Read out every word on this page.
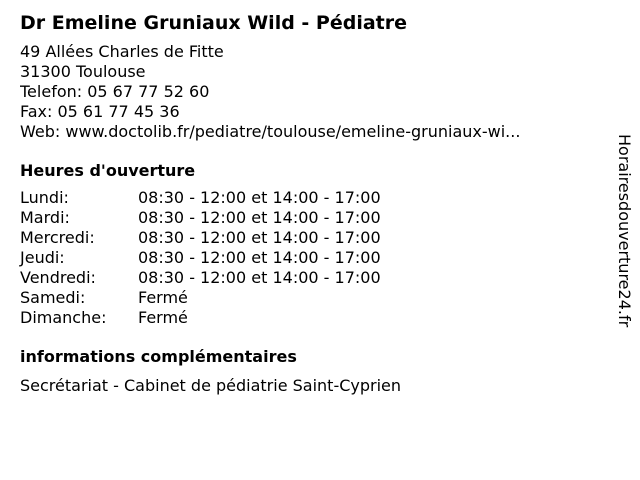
Dr Emeline Gruniaux Wild - Pédiatre
49 Allées Charles de Fitte
31300 Toulouse
Telefon: 05 67 77 52 60
Fax: 05 61 77 45 36
Web: www.doctolib.fr/pediatre/toulouse/emeline-gruniaux-wi...
Heures d'ouverture
Lundi:	08:30 - 12:00 et 14:00 - 17:00
Mardi:	08:30 - 12:00 et 14:00 - 17:00
Mercredi:	08:30 - 12:00 et 14:00 - 17:00
Jeudi:	08:30 - 12:00 et 14:00 - 17:00
Vendredi:	08:30 - 12:00 et 14:00 - 17:00
Samedi:	Fermé
Dimanche:	Fermé
informations complémentaires
Secrétariat - Cabinet de pédiatrie Saint-Cyprien
Horairesdouverture24.fr
